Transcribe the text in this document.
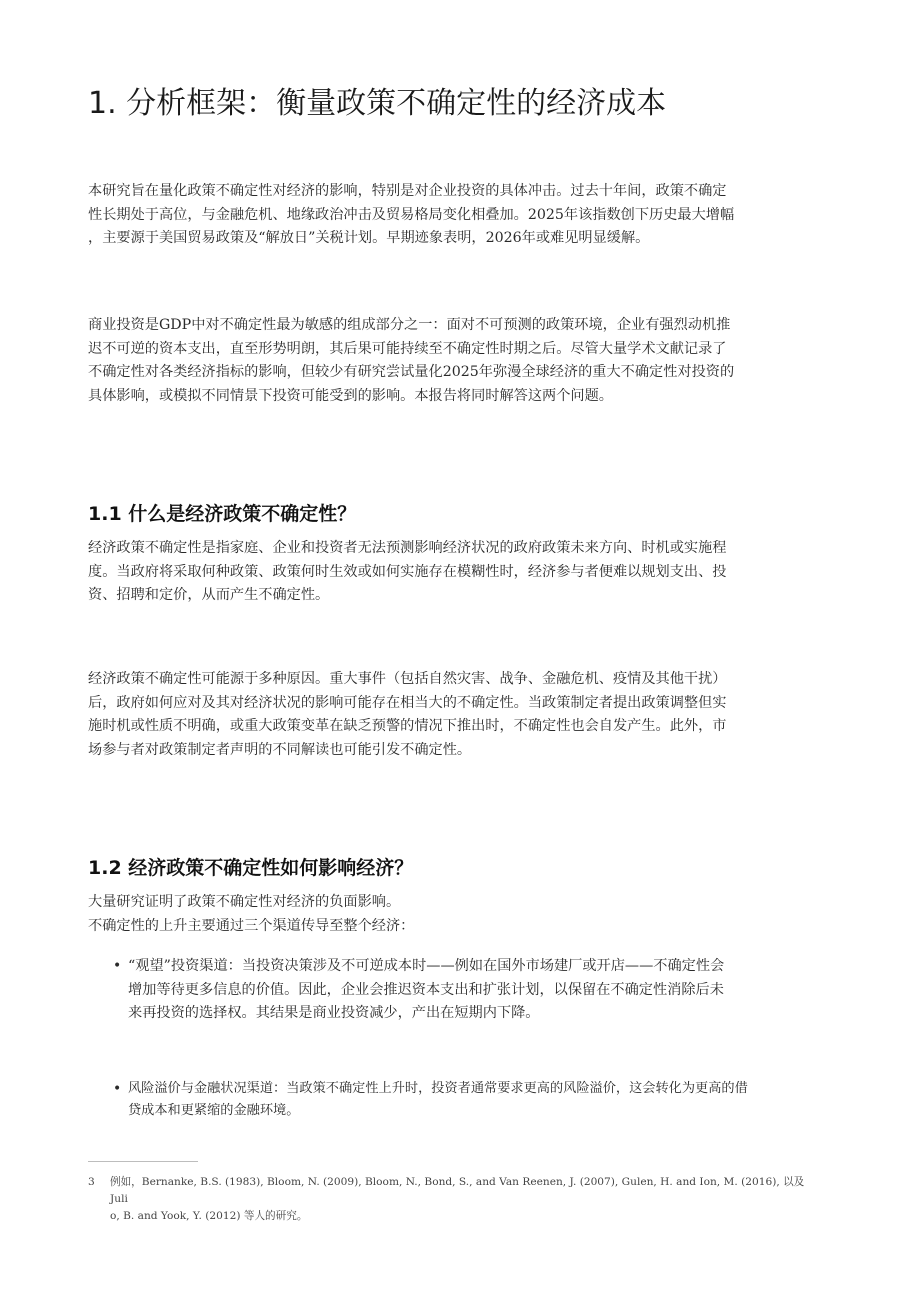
1. 分析框架：衡量政策不确定性的经济成本

本研究旨在量化政策不确定性对经济的影响，特别是对企业投资的具体冲击。过去十年间，政策不确定
性长期处于高位，与金融危机、地缘政治冲击及贸易格局变化相叠加。2025年该指数创下历史最大增幅
，主要源于美国贸易政策及“解放日”关税计划。早期迹象表明，2026年或难见明显缓解。

商业投资是GDP中对不确定性最为敏感的组成部分之一：面对不可预测的政策环境，企业有强烈动机推
迟不可逆的资本支出，直至形势明朗，其后果可能持续至不确定性时期之后。尽管大量学术文献记录了
不确定性对各类经济指标的影响，但较少有研究尝试量化2025年弥漫全球经济的重大不确定性对投资的
具体影响，或模拟不同情景下投资可能受到的影响。本报告将同时解答这两个问题。

1.1 什么是经济政策不确定性？

经济政策不确定性是指家庭、企业和投资者无法预测影响经济状况的政府政策未来方向、时机或实施程
度。当政府将采取何种政策、政策何时生效或如何实施存在模糊性时，经济参与者便难以规划支出、投
资、招聘和定价，从而产生不确定性。

经济政策不确定性可能源于多种原因。重大事件（包括自然灾害、战争、金融危机、疫情及其他干扰）
后，政府如何应对及其对经济状况的影响可能存在相当大的不确定性。当政策制定者提出政策调整但实
施时机或性质不明确，或重大政策变革在缺乏预警的情况下推出时，不确定性也会自发产生。此外，市
场参与者对政策制定者声明的不同解读也可能引发不确定性。

1.2 经济政策不确定性如何影响经济？

大量研究证明了政策不确定性对经济的负面影响。
不确定性的上升主要通过三个渠道传导至整个经济：

• “观望”投资渠道：当投资决策涉及不可逆成本时——例如在国外市场建厂或开店——不确定性会
增加等待更多信息的价值。因此，企业会推迟资本支出和扩张计划，以保留在不确定性消除后未
来再投资的选择权。其结果是商业投资减少，产出在短期内下降。

• 风险溢价与金融状况渠道：当政策不确定性上升时，投资者通常要求更高的风险溢价，这会转化为更高的借
贷成本和更紧缩的金融环境。

3 例如，Bernanke, B.S. (1983), Bloom, N. (2009), Bloom, N., Bond, S., and Van Reenen, J. (2007), Gulen, H. and Ion, M. (2016), 以及 Juli
o, B. and Yook, Y. (2012) 等人的研究。
